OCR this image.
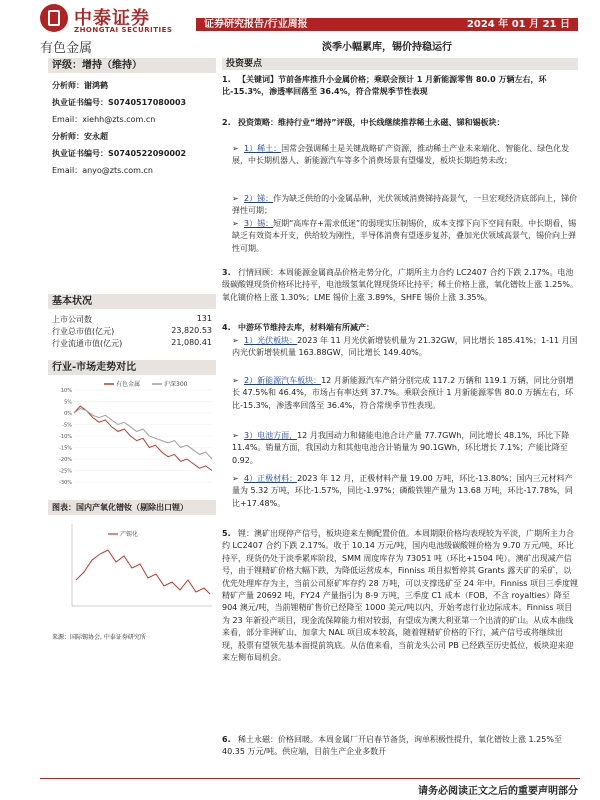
中泰证券
ZHONGTAI SECURITIES
有色金属
证券研究报告/行业周报	2024 年 01 月 21 日
淡季小幅累库，锡价持稳运行
评级：增持（维持）
分析师：谢鸿鹤
执业证书编号：S0740517080003
Email：xiehh@zts.com.cn
分析师：安永超
执业证书编号：S0740522090002
Email：anyo@zts.com.cn
基本状况
上市公司数	131
行业总市值(亿元)	23,820.53
行业流通市值(亿元)	21,080.41
行业-市场走势对比
10%
5%
0%
-5%
-10%
-15%
-20%
-25%
-30%
有色金属	沪深300
图表：国内产氧化镨钕（剔除出口锂）
产锡化
来源：国际锡协会, 中泰证券研究所
投资要点
1. 【关键词】节前备库推升小金属价格；乘联会预计 1 月新能源零售 80.0 万辆左右，环比-15.3%，渗透率回落至 36.4%，符合常规季节性表现
2. 投资策略：维持行业“增持”评级，中长线继续推荐稀土永磁、锑和锡板块：
➢ 1）稀土：国常会强调稀土是关键战略矿产资源，推动稀土产业未来端化、智能化、绿色化发展，中长期机器人、新能源汽车等多个消费场景有望爆发，板块长期趋势未改；
➢ 2）锑：作为缺乏供给的小金属品种，光伏领域消费锑持高景气，一旦宏观经济底部向上，锑价弹性可期；
➢ 3）锡：短期“高库存+需求低迷”的弱现实压制锡价，成本支撑下向下空间有限。中长期看，锡缺乏有效资本开支，供给较为刚性，半导体消费有望逐步复苏，叠加光伏领域高景气，锡价向上弹性可期。
3. 行情回顾：本周能源金属商品价格走势分化，广期所主力合约 LC2407 合约下跌 2.17%。电池级碳酸锂现货价格环比持平，电池级氢氧化锂现货环比持平；稀土价格上涨，氧化镨钕上涨 1.25%。氧化镝价格上涨 1.30%；LME 锡价上涨 3.89%，SHFE 锡价上涨 3.35%。
4. 中游环节维持去库，材料端有所减产：
➢ 1）光伏板块：2023 年 11 月光伏新增装机量为 21.32GW，同比增长 185.41%；1-11 月国内光伏新增装机量 163.88GW，同比增长 149.40%。
➢ 2）新能源汽车板块：12 月新能源汽车产销分别完成 117.2 万辆和 119.1 万辆，同比分别增长 47.5%和 46.4%，市场占有率达到 37.7%。乘联会预计 1 月新能源零售 80.0 万辆左右，环比-15.3%，渗透率回落至 36.4%，符合常规季节性表现。
➢ 3）电池方面，12 月我国动力和储能电池合计产量 77.7GWh，同比增长 48.1%，环比下降 11.4%。销量方面，我国动力和其他电池合计销量为 90.1GWh，环比增长 7.1%；产能比降至 0.92。
➢ 4）正极材料：2023 年 12 月，正极材料产量 19.00 万吨，环比-13.80%；国内三元材料产量为 5.32 万吨，环比-1.57%，同比-1.97%；磷酸铁锂产量为 13.68 万吨，环比-17.78%，同比+17.48%。
5. 锂：澳矿出现停产信号，板块迎来左侧配置价值。本周期限价格均表现较为平淡，广期所主力合约 LC2407 合约下跌 2.17%。收于 10.14 万元/吨，国内电池级碳酸锂价格为 9.70 万元/吨，环比持平，现货仍处于淡季累库阶段，SMM 周度库存为 73051 吨（环比+1504 吨）。澳矿出现减产信号，由于锂精矿价格大幅下跌，为降低运营成本，Finniss 项目拟暂停其 Grants 露天矿的采矿，以优先处理库存为主，当前公司原矿库存约 28 万吨，可以支撑选矿至 24 年中。Finniss 项目三季度锂精矿产量 20692 吨，FY24 产量指引为 8-9 万吨，三季度 C1 成本（FOB，不含 royalties）降至 904 澳元/吨，当前锂精矿售价已经降至 1000 美元/吨以内，开始考虑行业边际成本。Finniss 项目为 23 年新投产项目，现金流保障能力相对较弱，有望成为澳大利亚第一个出清的矿山。从成本曲线来看，部分非洲矿山、加拿大 NAL 项目成本较高，随着锂精矿价格的下行，减产信号或将继续出现，股票有望领先基本面提前筑底。从估值来看，当前龙头公司 PB 已经跌至历史低位，板块迎来迎来左侧布局机会。
6. 稀土永磁：价格回暖。本周金属厂开启春节备货，询单积极性提升，氧化镨钕上涨 1.25%至 40.35 万元/吨。供应端，目前生产企业多数开
请务必阅读正文之后的重要声明部分
